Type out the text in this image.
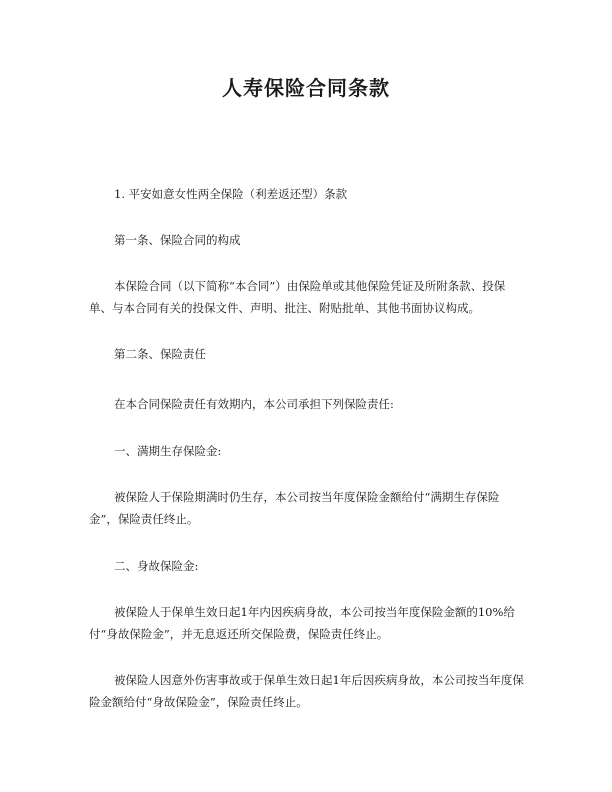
人寿保险合同条款

1. 平安如意女性两全保险（利差返还型）条款

第一条、保险合同的构成

本保险合同（以下简称“本合同”）由保险单或其他保险凭证及所附条款、投保单、与本合同有关的投保文件、声明、批注、附贴批单、其他书面协议构成。

第二条、保险责任

在本合同保险责任有效期内，本公司承担下列保险责任:

一、满期生存保险金:

被保险人于保险期满时仍生存，本公司按当年度保险金额给付“满期生存保险金”，保险责任终止。

二、身故保险金:

被保险人于保单生效日起1年内因疾病身故，本公司按当年度保险金额的10%给付“身故保险金”，并无息返还所交保险费，保险责任终止。

被保险人因意外伤害事故或于保单生效日起1年后因疾病身故，本公司按当年度保险金额给付“身故保险金”，保险责任终止。
